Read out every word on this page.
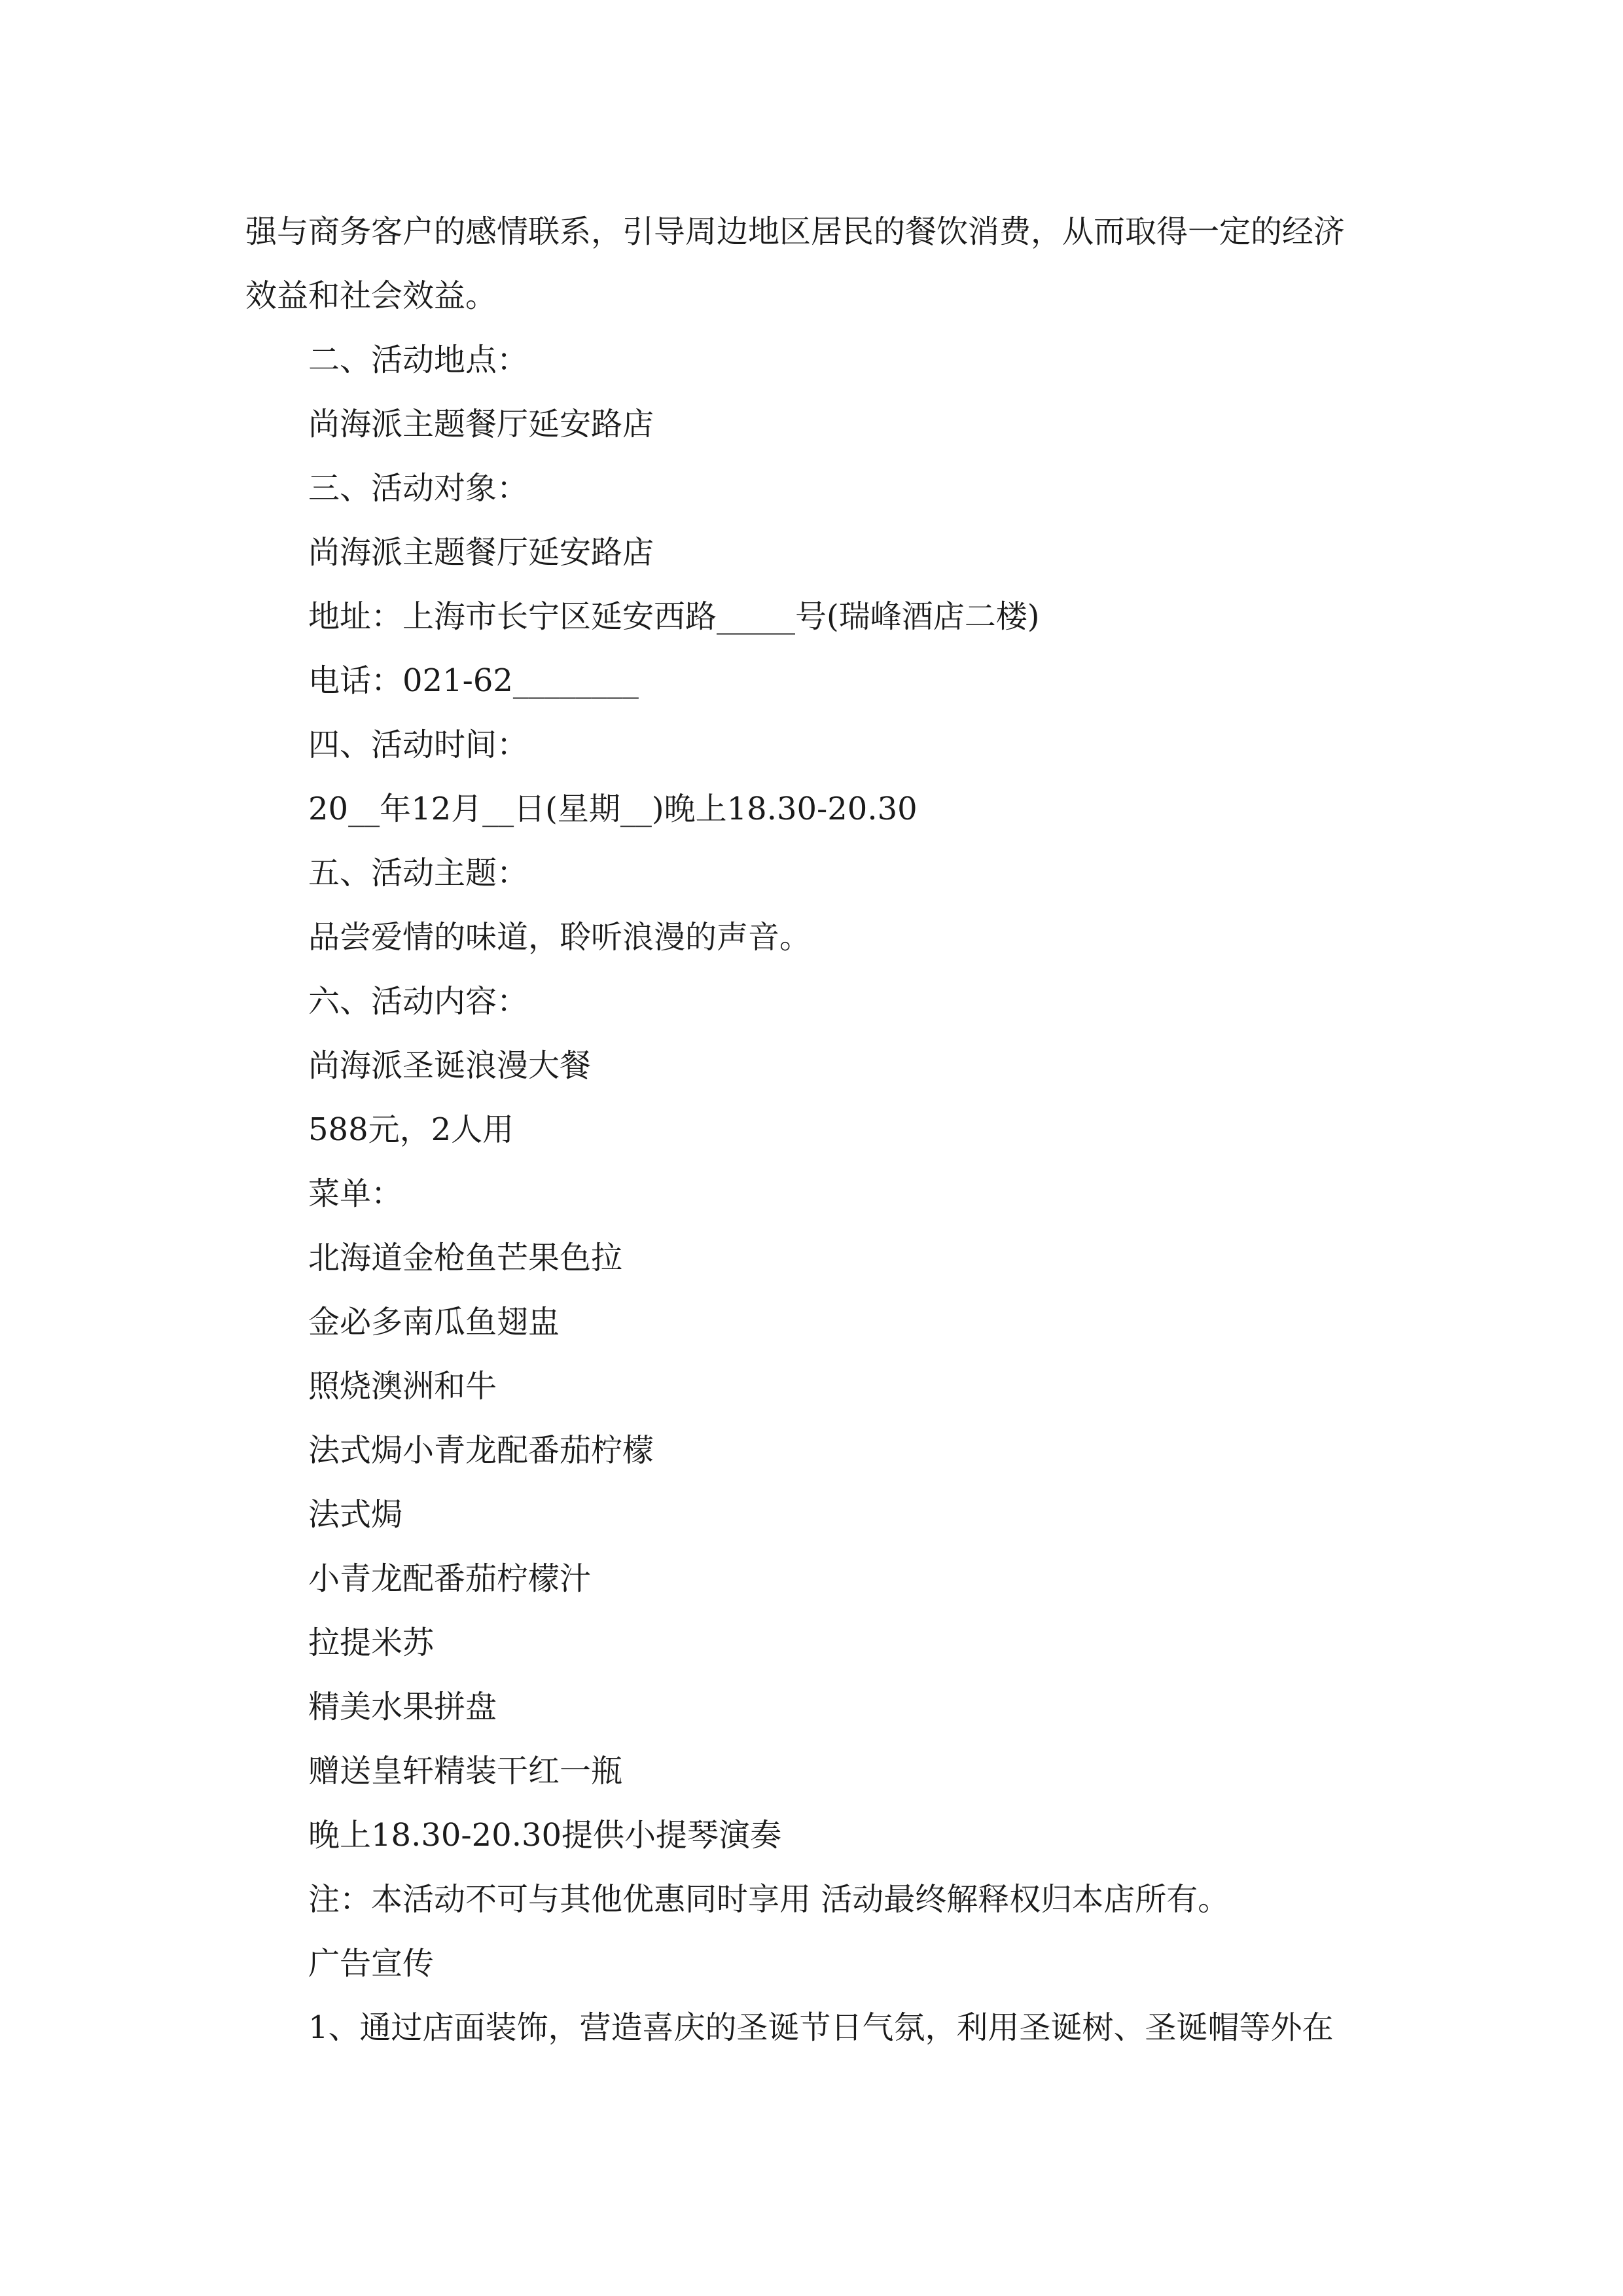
强与商务客户的感情联系，引导周边地区居民的餐饮消费，从而取得一定的经济
效益和社会效益。
二、活动地点：
尚海派主题餐厅延安路店
三、活动对象：
尚海派主题餐厅延安路店
地址：上海市长宁区延安西路_____号(瑞峰酒店二楼)
电话：021-62________
四、活动时间：
20__年12月__日(星期__)晚上18.30-20.30
五、活动主题：
品尝爱情的味道，聆听浪漫的声音。
六、活动内容：
尚海派圣诞浪漫大餐
588元，2人用
菜单：
北海道金枪鱼芒果色拉
金必多南瓜鱼翅盅
照烧澳洲和牛
法式焗小青龙配番茄柠檬
法式焗
小青龙配番茄柠檬汁
拉提米苏
精美水果拼盘
赠送皇轩精装干红一瓶
晚上18.30-20.30提供小提琴演奏
注：本活动不可与其他优惠同时享用 活动最终解释权归本店所有。
广告宣传
1、通过店面装饰，营造喜庆的圣诞节日气氛，利用圣诞树、圣诞帽等外在
